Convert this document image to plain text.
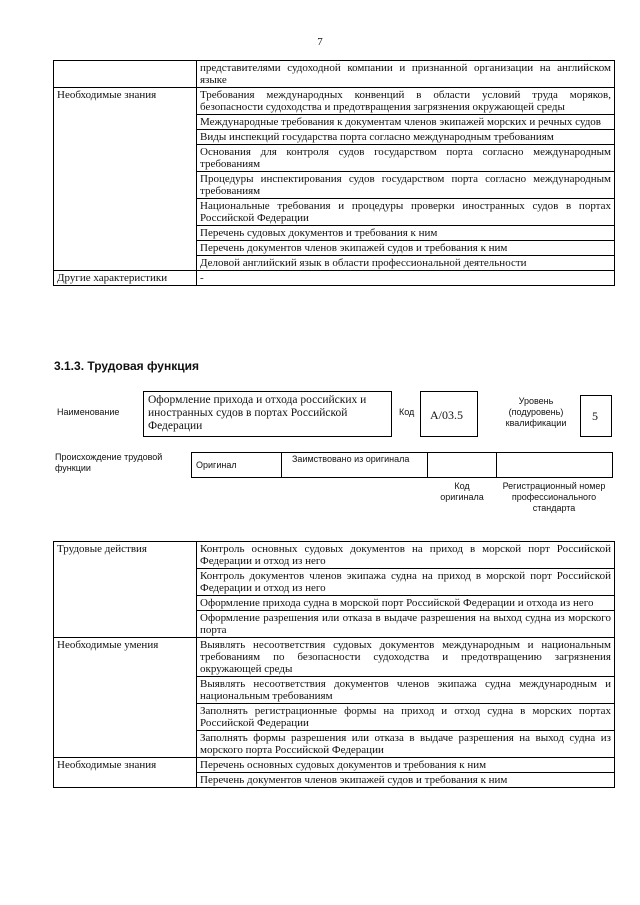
7
	представителями судоходной компании и признанной организации на английском языке
Необходимые знания	Требования международных конвенций в области условий труда моряков, безопасности судоходства и предотвращения загрязнения окружающей среды
	Международные требования к документам членов экипажей морских и речных судов
	Виды инспекций государства порта согласно международным требованиям
	Основания для контроля судов государством порта согласно международным требованиям
	Процедуры инспектирования судов государством порта согласно международным требованиям
	Национальные требования и процедуры проверки иностранных судов в портах Российской Федерации
	Перечень судовых документов и требования к ним
	Перечень документов членов экипажей судов и требования к ним
	Деловой английский язык в области профессиональной деятельности
Другие характеристики	-
3.1.3. Трудовая функция
Наименование
Оформление прихода и отхода российских и иностранных судов в портах Российской Федерации
Код	A/03.5
Уровень (подуровень) квалификации	5
Происхождение трудовой функции	Оригинал
Заимствовано из оригинала
Код оригинала
Регистрационный номер профессионального стандарта
Трудовые действия	Контроль основных судовых документов на приход в морской порт Российской Федерации и отход из него
	Контроль документов членов экипажа судна на приход в морской порт Российской Федерации и отход из него
	Оформление прихода судна в морской порт Российской Федерации и отхода из него
	Оформление разрешения или отказа в выдаче разрешения на выход судна из морского порта
Необходимые умения	Выявлять несоответствия судовых документов международным и национальным требованиям по безопасности судоходства и предотвращению загрязнения окружающей среды
	Выявлять несоответствия документов членов экипажа судна международным и национальным требованиям
	Заполнять регистрационные формы на приход и отход судна в морских портах Российской Федерации
	Заполнять формы разрешения или отказа в выдаче разрешения на выход судна из морского порта Российской Федерации
Необходимые знания	Перечень основных судовых документов и требования к ним
	Перечень документов членов экипажей судов и требования к ним
